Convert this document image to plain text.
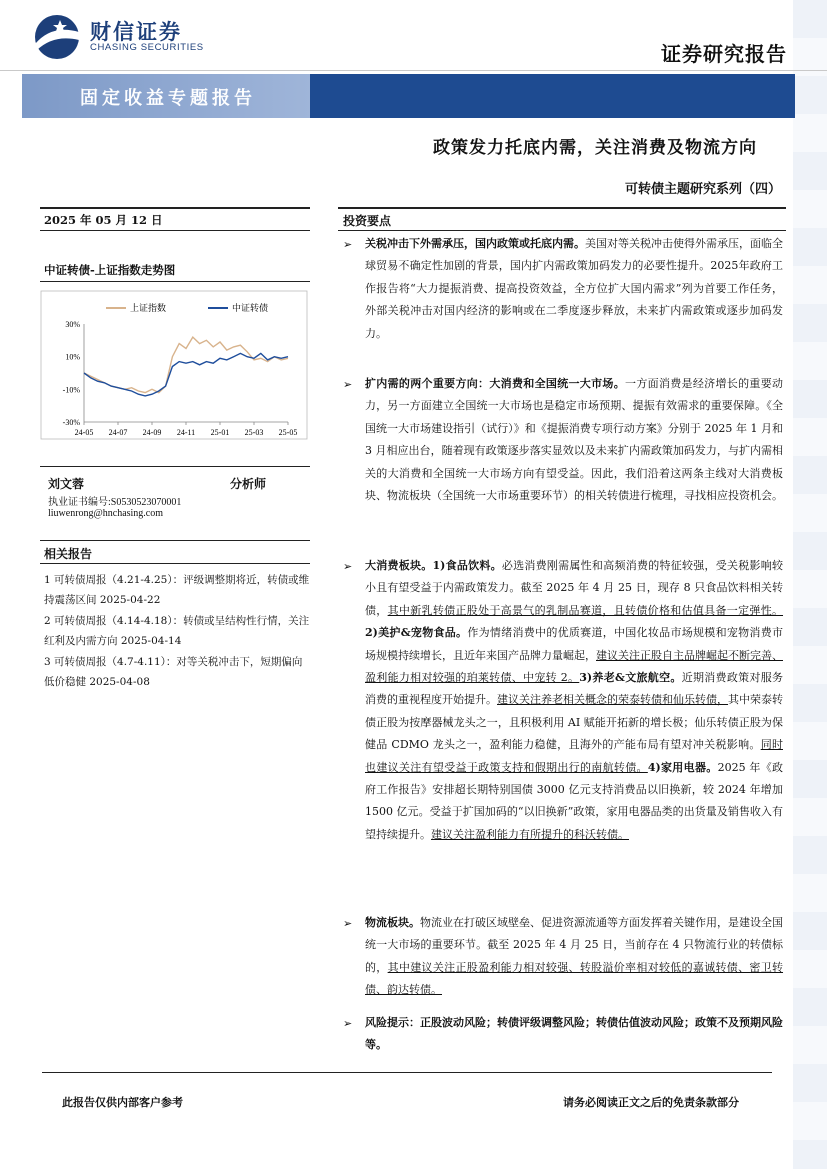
财信证券
CHASING SECURITIES	证券研究报告
固定收益专题报告
政策发力托底内需，关注消费及物流方向
可转债主题研究系列（四）
2025 年 05 月 12 日
中证转债-上证指数走势图
上证指数	中证转债
30%
10%
-10%
-30%
24-05 24-07 24-09 24-11 25-01 25-03 25-05
刘文蓉	分析师
执业证书编号:S0530523070001
liuwenrong@hnchasing.com
相关报告
1 可转债周报（4.21-4.25）：评级调整期将近，转债或维持震荡区间 2025-04-22
2 可转债周报（4.14-4.18）：转债或呈结构性行情，关注红利及内需方向 2025-04-14
3 可转债周报（4.7-4.11）：对等关税冲击下，短期偏向低价稳健 2025-04-08
投资要点
➢ 关税冲击下外需承压，国内政策或托底内需。美国对等关税冲击使得外需承压，面临全球贸易不确定性加剧的背景，国内扩内需政策加码发力的必要性提升。2025年政府工作报告将“大力提振消费、提高投资效益，全方位扩大国内需求”列为首要工作任务，外部关税冲击对国内经济的影响或在二季度逐步释放，未来扩内需政策或逐步加码发力。
➢ 扩内需的两个重要方向：大消费和全国统一大市场。一方面消费是经济增长的重要动力，另一方面建立全国统一大市场也是稳定市场预期、提振有效需求的重要保障。《全国统一大市场建设指引（试行）》和《提振消费专项行动方案》分别于 2025 年 1 月和 3 月相应出台，随着现有政策逐步落实显效以及未来扩内需政策加码发力，与扩内需相关的大消费和全国统一大市场方向有望受益。因此，我们沿着这两条主线对大消费板块、物流板块（全国统一大市场重要环节）的相关转债进行梳理，寻找相应投资机会。
➢ 大消费板块。1)食品饮料。必选消费刚需属性和高频消费的特征较强，受关税影响较小且有望受益于内需政策发力。截至 2025 年 4 月 25 日，现存 8 只食品饮料相关转债，其中新乳转债正股处于高景气的乳制品赛道，且转债价格和估值具备一定弹性。2)美护&宠物食品。作为情绪消费中的优质赛道，中国化妆品市场规模和宠物消费市场规模持续增长，且近年来国产品牌力量崛起，建议关注正股自主品牌崛起不断完善、盈利能力相对较强的珀莱转债、中宠转 2。3)养老&文旅航空。近期消费政策对服务消费的重视程度开始提升。建议关注养老相关概念的荣泰转债和仙乐转债，其中荣泰转债正股为按摩器械龙头之一，且积极利用 AI 赋能开拓新的增长极；仙乐转债正股为保健品 CDMO 龙头之一，盈利能力稳健，且海外的产能布局有望对冲关税影响。同时也建议关注有望受益于政策支持和假期出行的南航转债。4)家用电器。2025 年《政府工作报告》安排超长期特别国债 3000 亿元支持消费品以旧换新，较 2024 年增加 1500 亿元。受益于扩国加码的“以旧换新”政策，家用电器品类的出货量及销售收入有望持续提升。建议关注盈利能力有所提升的科沃转债。
➢ 物流板块。物流业在打破区域壁垒、促进资源流通等方面发挥着关键作用，是建设全国统一大市场的重要环节。截至 2025 年 4 月 25 日，当前存在 4 只物流行业的转债标的，其中建议关注正股盈利能力相对较强、转股溢价率相对较低的嘉诚转债、密卫转债、韵达转债。
➢ 风险提示：正股波动风险；转债评级调整风险；转债估值波动风险；政策不及预期风险等。
此报告仅供内部客户参考	请务必阅读正文之后的免责条款部分
